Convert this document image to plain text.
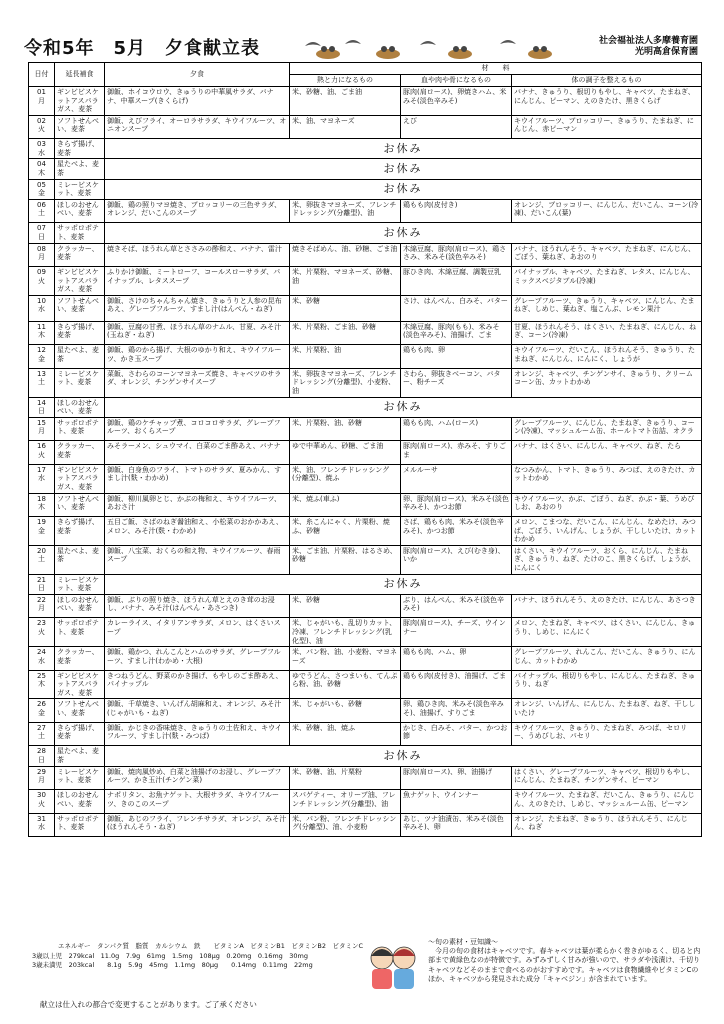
令和5年　5月　夕食献立表	社会福祉法人多摩養育園
光明高倉保育園
日付	延長補食	夕食	材　　料		
			熱と力になるもの	血や肉や骨になるもの	体の調子を整えるもの

01
月	ギンビビスケットアスパラガス、麦茶	御飯、ホイコウロウ、きゅうりの中華風サラダ、バナナ、中華スープ(きくらげ)	米、砂糖、油、ごま油	豚肉(肩ロース)、卵焼きハム、米みそ(淡色辛みそ)	バナナ、きゅうり、根切りもやし、キャベツ、たまねぎ、にんじん、ピーマン、えのきたけ、黒きくらげ

02
火	ソフトせんべい、麦茶	御飯、えびフライ、オーロラサラダ、キウイフルーツ、オニオンスープ	米、油、マヨネーズ	えび	キウイフルーツ、ブロッコリー、きゅうり、たまねぎ、にんじん、赤ピーマン

03
水	きらず揚げ、麦茶	お休み			

04
木	星たべよ、麦茶	お休み			

05
金	ミレービスケット、麦茶	お休み			

06
土	ほしのおせんべい、麦茶	御飯、鶏の照りマヨ焼き、ブロッコリーの三色サラダ、オレンジ、だいこんのスープ	米、卵抜きマヨネーズ、フレンチドレッシング(分離型)、油	鶏もも肉(皮付き)	オレンジ、ブロッコリー、にんじん、だいこん、コーン(冷凍)、だいこん(葉)

07
日	サッポロポテト、麦茶	お休み			

08
月	クラッカー、麦茶	焼きそば、ほうれん草とささみの酢和え、バナナ、雷汁	焼きそばめん、油、砂糖、ごま油	木綿豆腐、豚肉(肩ロース)、鶏ささみ、米みそ(淡色辛みそ)	バナナ、ほうれんそう、キャベツ、たまねぎ、にんじん、ごぼう、葉ねぎ、あおのり

09
火	ギンビビスケットアスパラガス、麦茶	ふりかけ御飯、ミートローフ、コールスローサラダ、パイナップル、レタススープ	米、片栗粉、マヨネーズ、砂糖、油	豚ひき肉、木綿豆腐、調製豆乳	パイナップル、キャベツ、たまねぎ、レタス、にんじん、ミックスベジタブル(冷凍)

10
水	ソフトせんべい、麦茶	御飯、さけのちゃんちゃん焼き、きゅうりと人参の昆布あえ、グレープフルーツ、すまし汁(はんぺん・ねぎ)	米、砂糖	さけ、はんぺん、白みそ、バター	グレープフルーツ、きゅうり、キャベツ、にんじん、たまねぎ、しめじ、葉ねぎ、塩こんぶ、レモン果汁

11
木	きらず揚げ、麦茶	御飯、豆腐の甘煮、ほうれん草のナムル、甘夏、みそ汁(玉ねぎ・ねぎ)	米、片栗粉、ごま油、砂糖	木綿豆腐、豚肉(もも)、米みそ(淡色辛みそ)、油揚げ、ごま	甘夏、ほうれんそう、はくさい、たまねぎ、にんじん、ねぎ、コーン(冷凍)

12
金	星たべよ、麦茶	御飯、鶏のから揚げ、大根のゆかり和え、キウイフルーツ、かき玉スープ	米、片栗粉、油	鶏もも肉、卵	キウイフルーツ、だいこん、ほうれんそう、きゅうり、たまねぎ、にんじん、にんにく、しょうが

13
土	ミレービスケット、麦茶	菜飯、さわらのコーンマヨネーズ焼き、キャベツのサラダ、オレンジ、チンゲンサイスープ	米、卵抜きマヨネーズ、フレンチドレッシング(分離型)、小麦粉、油	さわら、卵抜きベーコン、バター、粉チーズ	オレンジ、キャベツ、チンゲンサイ、きゅうり、クリームコーン缶、カットわかめ

14
日	ほしのおせんべい、麦茶	お休み			

15
月	サッポロポテト、麦茶	御飯、鶏のケチャップ煮、コロコロサラダ、グレープフルーツ、おくらスープ	米、片栗粉、油、砂糖	鶏もも肉、ハム(ロース)	グレープフルーツ、にんじん、たまねぎ、きゅうり、コーン(冷凍)、マッシュルーム缶、ホールトマト缶詰、オクラ

16
火	クラッカー、麦茶	みそラーメン、シュウマイ、白菜のごま酢あえ、バナナ	ゆで中華めん、砂糖、ごま油	豚肉(肩ロース)、赤みそ、すりごま	バナナ、はくさい、にんじん、キャベツ、ねぎ、たら

17
水	ギンビビスケットアスパラガス、麦茶	御飯、白身魚のフライ、トマトのサラダ、夏みかん、すまし汁(麩・わかめ)	米、油、フレンチドレッシング(分離型)、焼ふ	メルルーサ	なつみかん、トマト、きゅうり、みつば、えのきたけ、カットわかめ

18
木	ソフトせんべい、麦茶	御飯、柳川風卵とじ、かぶの梅和え、キウイフルーツ、あおさ汁	米、焼ふ(車ふ)	卵、豚肉(肩ロース)、米みそ(淡色辛みそ)、かつお節	キウイフルーツ、かぶ、ごぼう、ねぎ、かぶ・葉、うめびしお、あおのり

19
金	きらず揚げ、麦茶	五目ご飯、さばのねぎ醤油和え、小松菜のおかかあえ、メロン、みそ汁(麩・わかめ)	米、糸こんにゃく、片栗粉、焼ふ、砂糖	さば、鶏もも肉、米みそ(淡色辛みそ)、かつお節	メロン、こまつな、だいこん、にんじん、なめたけ、みつば、ごぼう、いんげん、しょうが、干ししいたけ、カットわかめ

20
土	星たべよ、麦茶	御飯、八宝菜、おくらの和え物、キウイフルーツ、春雨スープ	米、ごま油、片栗粉、はるさめ、砂糖	豚肉(肩ロース)、えび(むき身)、いか	はくさい、キウイフルーツ、おくら、にんじん、たまねぎ、きゅうり、ねぎ、たけのこ、黒きくらげ、しょうが、にんにく

21
日	ミレービスケット、麦茶	お休み			

22
月	ほしのおせんべい、麦茶	御飯、ぶりの照り焼き、ほうれん草とえのき茸のお浸し、バナナ、みそ汁(はんぺん・あさつき)	米、砂糖	ぶり、はんぺん、米みそ(淡色辛みそ)	バナナ、ほうれんそう、えのきたけ、にんじん、あさつき

23
火	サッポロポテト、麦茶	カレーライス、イタリアンサラダ、メロン、はくさいスープ	米、じゃがいも、乱切りカット、冷凍、フレンチドレッシング(乳化型)、油	豚肉(肩ロース)、チーズ、ウインナー	メロン、たまねぎ、キャベツ、はくさい、にんじん、きゅうり、しめじ、にんにく

24
水	クラッカー、麦茶	御飯、鶏かつ、れんこんとハムのサラダ、グレープフルーツ、すまし汁(わかめ・大根)	米、パン粉、油、小麦粉、マヨネーズ	鶏もも肉、ハム、卵	グレープフルーツ、れんこん、だいこん、きゅうり、にんじん、カットわかめ

25
木	ギンビビスケットアスパラガス、麦茶	きつねうどん、野菜のかき揚げ、もやしのごま酢あえ、パイナップル	ゆでうどん、さつまいも、てんぷら粉、油、砂糖	鶏もも肉(皮付き)、油揚げ、ごま	パイナップル、根切りもやし、にんじん、たまねぎ、きゅうり、ねぎ

26
金	ソフトせんべい、麦茶	御飯、千草焼き、いんげん胡麻和え、オレンジ、みそ汁(じゃがいも・ねぎ)	米、じゃがいも、砂糖	卵、鶏ひき肉、米みそ(淡色辛みそ)、油揚げ、すりごま	オレンジ、いんげん、にんじん、たまねぎ、ねぎ、干ししいたけ

27
土	きらず揚げ、麦茶	御飯、かじきの香味焼き、きゅうりの土佐和え、キウイフルーツ、すまし汁(麩・みつば)	米、砂糖、油、焼ふ	かじき、白みそ、バター、かつお節	キウイフルーツ、きゅうり、たまねぎ、みつば、セロリー、うめびしお、パセリ

28
日	星たべよ、麦茶	お休み			

29
月	ミレービスケット、麦茶	御飯、焼肉風炒め、白菜と油揚げのお浸し、グレープフルーツ、かき玉汁(チンゲン菜)	米、砂糖、油、片栗粉	豚肉(肩ロース)、卵、油揚げ	はくさい、グレープフルーツ、キャベツ、根切りもやし、にんじん、たまねぎ、チンゲンサイ、ピーマン

30
火	ほしのおせんべい、麦茶	ナポリタン、お魚ナゲット、大根サラダ、キウイフルーツ、きのこのスープ	スパゲティー、オリーブ油、フレンチドレッシング(分離型)、油	魚ナゲット、ウインナー	キウイフルーツ、たまねぎ、だいこん、きゅうり、にんじん、えのきたけ、しめじ、マッシュルーム缶、ピーマン

31
水	サッポロポテト、麦茶	御飯、あじのフライ、フレンチサラダ、オレンジ、みそ汁(ほうれんそう・ねぎ)	米、パン粉、フレンチドレッシング(分離型)、油、小麦粉	あじ、ツナ油漬缶、米みそ(淡色辛みそ)、卵	オレンジ、たまねぎ、きゅうり、ほうれんそう、にんじん、ねぎ
　　　　エネルギー　タンパク質　脂質　カルシウム　鉄　　ビタミンA　ビタミンB1　ビタミンB2　ビタミンC
3歳以上児　279kcal　11.0g　7.9g　61mg　1.5mg　108μg　0.20mg　0.16mg　30mg
3歳未満児　203kcal　　8.1g　5.9g　45mg　1.1mg　80μg　　0.14mg　0.11mg　22mg
～旬の素材・豆知識～
今月の旬の食材はキャベツです。春キャベツは葉が柔らかく巻きがゆるく、切ると内部まで黄緑色なのが特徴です。みずみずしく甘みが強いので、サラダや浅漬け、千切りキャベツなどそのままで食べるのがおすすめです。キャベツは食物繊維やビタミンCのほか、キャベツから発見された成分「キャベジン」が含まれています。
献立は仕入れの都合で変更することがあります。ご了承ください
